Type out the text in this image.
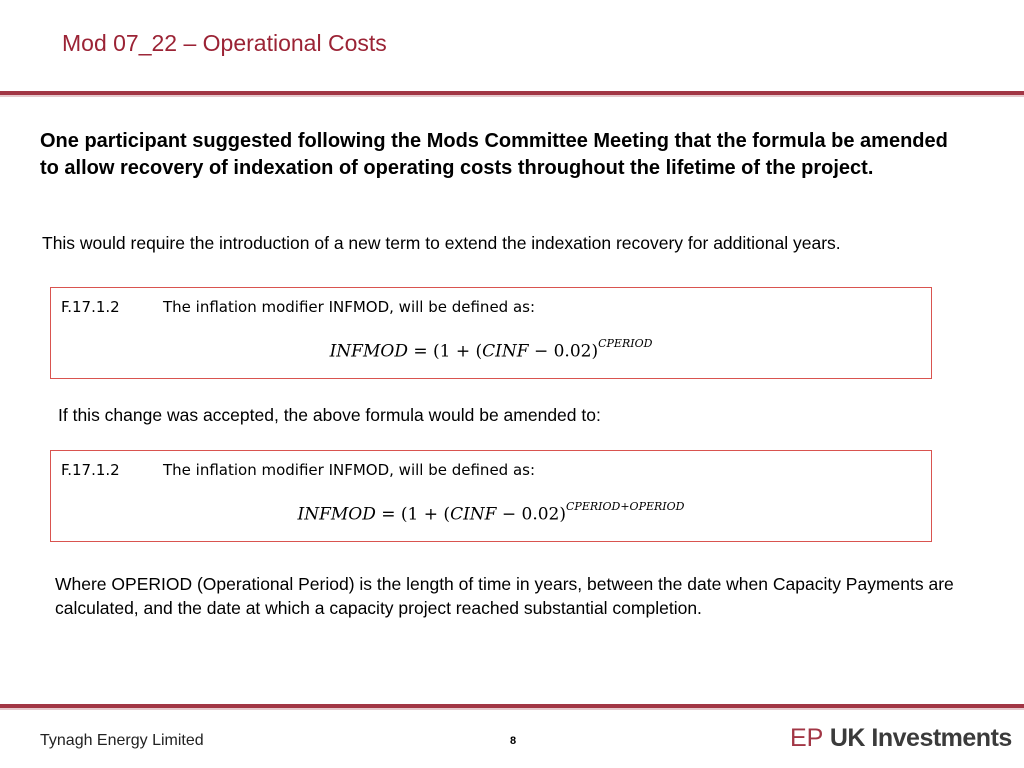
Mod 07_22 – Operational Costs
One participant suggested following the Mods Committee Meeting that the formula be amended to allow recovery of indexation of operating costs throughout the lifetime of the project.
This would require the introduction of a new term to extend the indexation recovery for additional years.
F.17.1.2	The inflation modifier INFMOD, will be defined as:
INFMOD = (1 + (CINF − 0.02)$^{CPERIOD}$
If this change was accepted, the above formula would be amended to:
F.17.1.2	The inflation modifier INFMOD, will be defined as:
INFMOD = (1 + (CINF − 0.02)$^{CPERIOD+OPERIOD}$
Where OPERIOD (Operational Period) is the length of time in years, between the date when Capacity Payments are calculated, and the date at which a capacity project reached substantial completion.
Tynagh Energy Limited	8	EP UK Investments
